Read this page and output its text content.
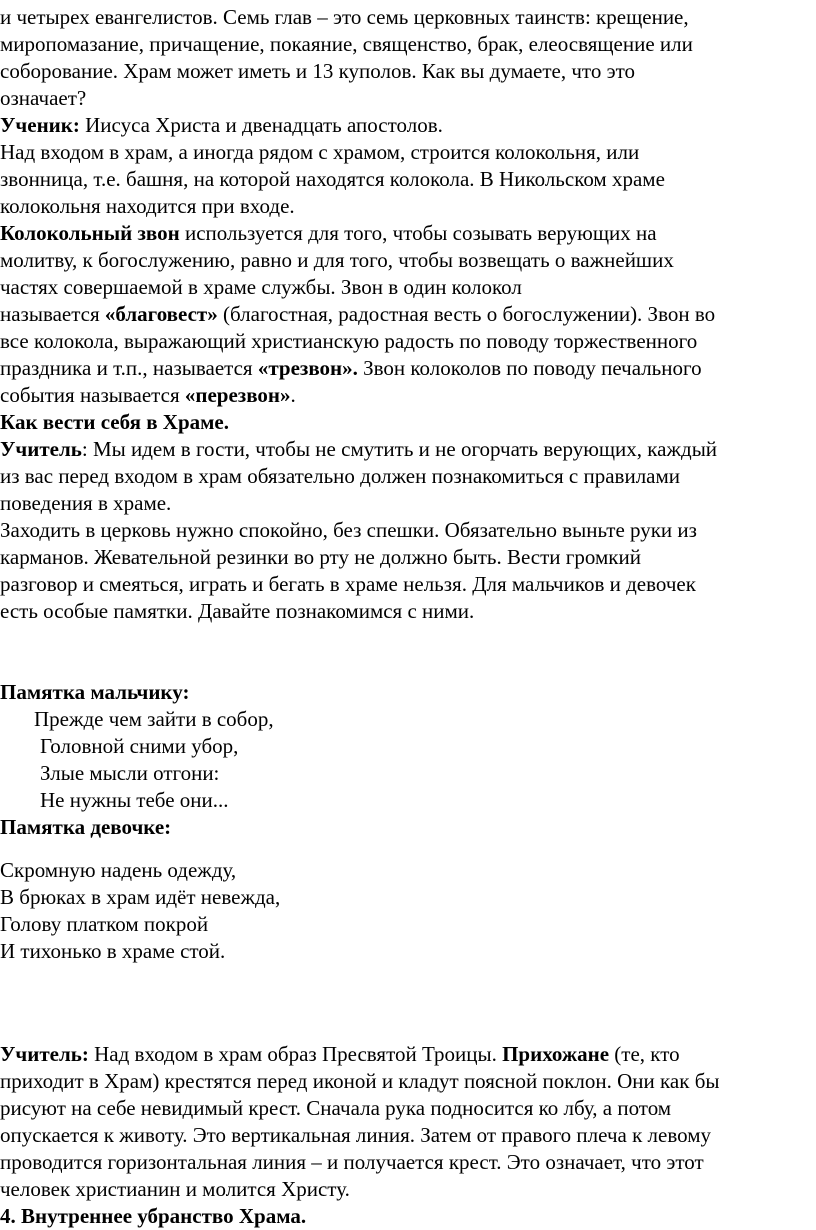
и четырех евангелистов. Семь глав – это семь церковных таинств: крещение,
миропомазание, причащение, покаяние, священство, брак, елеосвящение или
соборование. Храм может иметь и 13 куполов. Как вы думаете, что это
означает?
Ученик: Иисуса Христа и двенадцать апостолов.
Над входом в храм, а иногда рядом с храмом, строится колокольня, или
звонница, т.е. башня, на которой находятся колокола. В Никольском храме
колокольня находится при входе.
Колокольный звон используется для того, чтобы созывать верующих на
молитву, к богослужению, равно и для того, чтобы возвещать о важнейших
частях совершаемой в храме службы. Звон в один колокол
называется «благовест» (благостная, радостная весть о богослужении). Звон во
все колокола, выражающий христианскую радость по поводу торжественного
праздника и т.п., называется «трезвон». Звон колоколов по поводу печального
события называется «перезвон».
Как вести себя в Храме.
Учитель: Мы идем в гости, чтобы не смутить и не огорчать верующих, каждый
из вас перед входом в храм обязательно должен познакомиться с правилами
поведения в храме.
Заходить в церковь нужно спокойно, без спешки. Обязательно выньте руки из
карманов. Жевательной резинки во рту не должно быть. Вести громкий
разговор и смеяться, играть и бегать в храме нельзя. Для мальчиков и девочек
есть особые памятки. Давайте познакомимся с ними.
Памятка мальчику:
Прежде чем зайти в собор,
Головной сними убор,
Злые мысли отгони:
Не нужны тебе они...
Памятка девочке:
Скромную надень одежду,
В брюках в храм идёт невежда,
Голову платком покрой
И тихонько в храме стой.
Учитель: Над входом в храм образ Пресвятой Троицы. Прихожане (те, кто
приходит в Храм) крестятся перед иконой и кладут поясной поклон. Они как бы
рисуют на себе невидимый крест. Сначала рука подносится ко лбу, а потом
опускается к животу. Это вертикальная линия. Затем от правого плеча к левому
проводится горизонтальная линия – и получается крест. Это означает, что этот
человек христианин и молится Христу.
4. Внутреннее убранство Храма.
